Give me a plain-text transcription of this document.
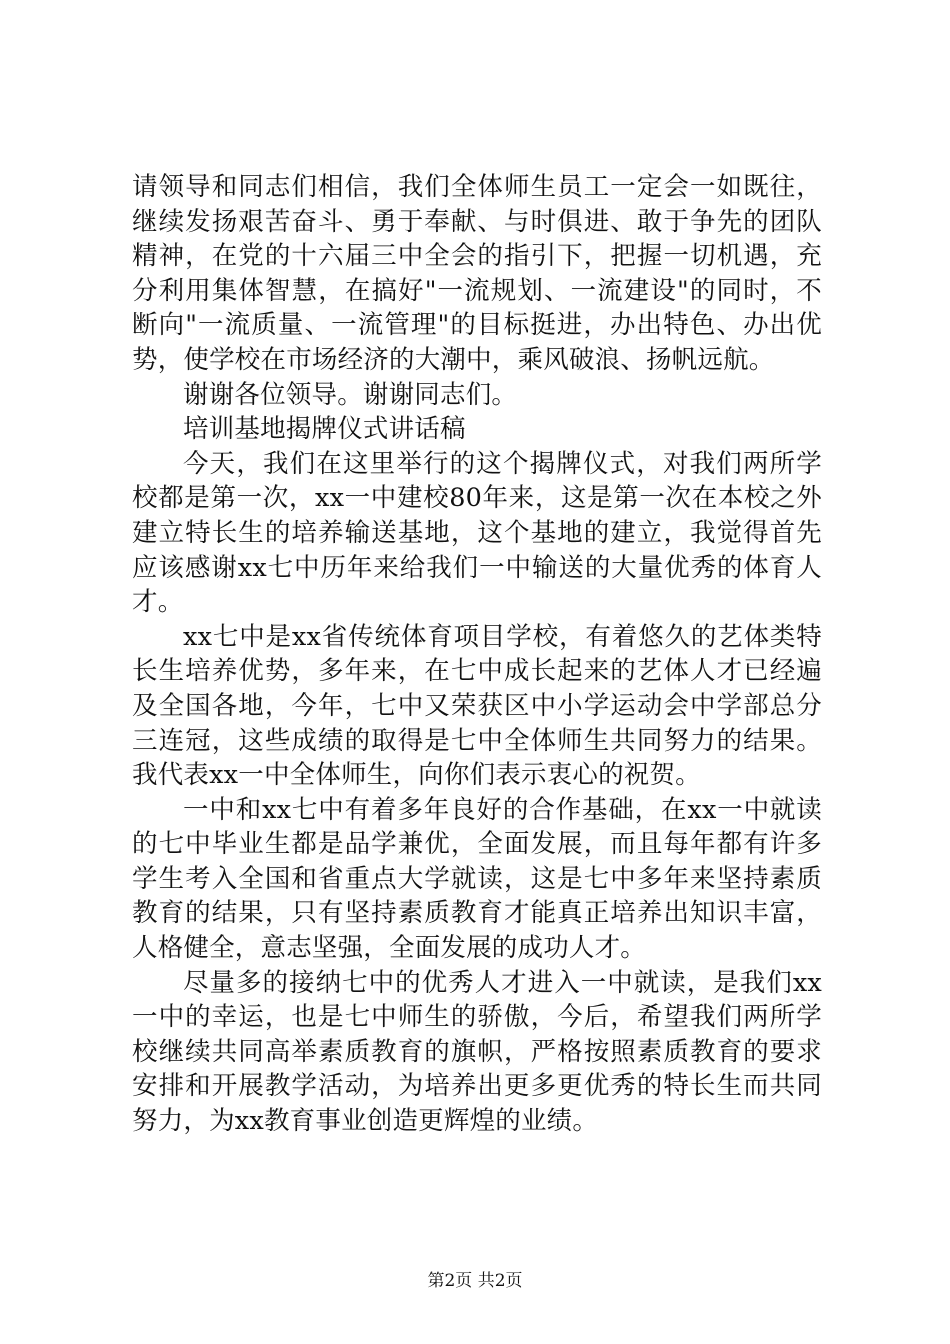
请领导和同志们相信，我们全体师生员工一定会一如既往，继续发扬艰苦奋斗、勇于奉献、与时俱进、敢于争先的团队精神，在党的十六届三中全会的指引下，把握一切机遇，充分利用集体智慧，在搞好"一流规划、一流建设"的同时，不断向"一流质量、一流管理"的目标挺进，办出特色、办出优势，使学校在市场经济的大潮中，乘风破浪、扬帆远航。

谢谢各位领导。谢谢同志们。

培训基地揭牌仪式讲话稿

今天，我们在这里举行的这个揭牌仪式，对我们两所学校都是第一次，xx一中建校80年来，这是第一次在本校之外建立特长生的培养输送基地，这个基地的建立，我觉得首先应该感谢xx七中历年来给我们一中输送的大量优秀的体育人才。

xx七中是xx省传统体育项目学校，有着悠久的艺体类特长生培养优势，多年来，在七中成长起来的艺体人才已经遍及全国各地，今年，七中又荣获区中小学运动会中学部总分三连冠，这些成绩的取得是七中全体师生共同努力的结果。我代表xx一中全体师生，向你们表示衷心的祝贺。

一中和xx七中有着多年良好的合作基础，在xx一中就读的七中毕业生都是品学兼优，全面发展，而且每年都有许多学生考入全国和省重点大学就读，这是七中多年来坚持素质教育的结果，只有坚持素质教育才能真正培养出知识丰富，人格健全，意志坚强，全面发展的成功人才。

尽量多的接纳七中的优秀人才进入一中就读，是我们xx一中的幸运，也是七中师生的骄傲，今后，希望我们两所学校继续共同高举素质教育的旗帜，严格按照素质教育的要求安排和开展教学活动，为培养出更多更优秀的特长生而共同努力，为xx教育事业创造更辉煌的业绩。

第2页 共2页
